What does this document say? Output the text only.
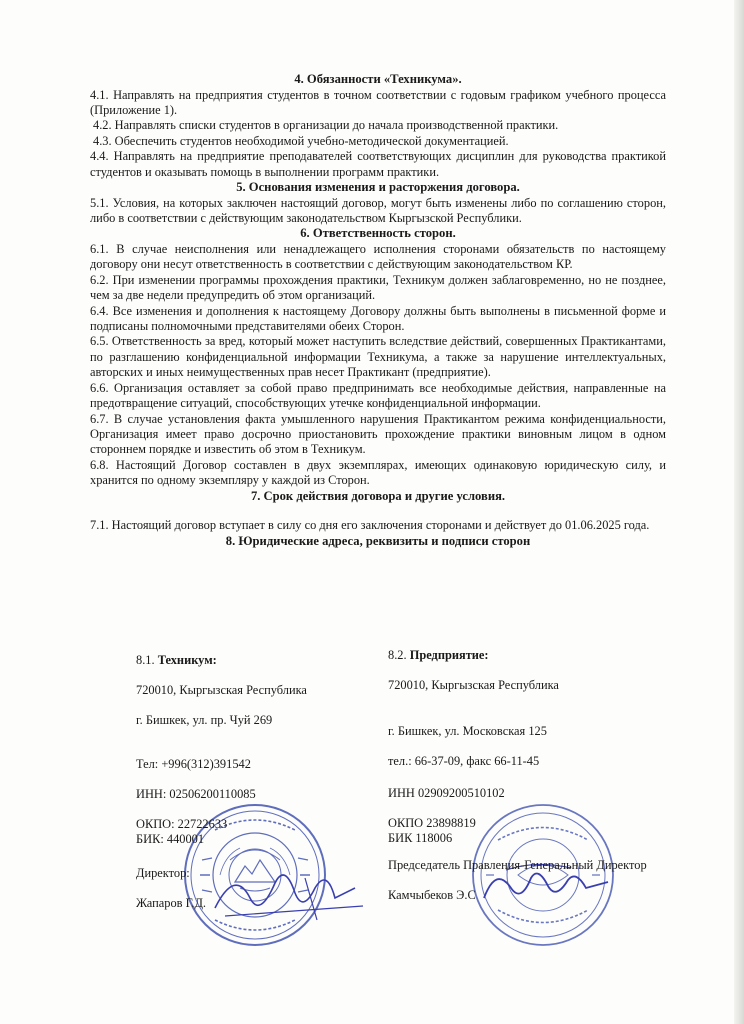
4. Обязанности «Техникума».

4.1. Направлять на предприятия студентов в точном соответствии с годовым графиком учебного процесса (Приложение 1).

4.2. Направлять списки студентов в организации до начала производственной практики.

4.3. Обеспечить студентов необходимой учебно-методической документацией.

4.4. Направлять на предприятие преподавателей соответствующих дисциплин для руководства практикой студентов и оказывать помощь в выполнении программ практики.

5. Основания изменения и расторжения договора.

5.1. Условия, на которых заключен настоящий договор, могут быть изменены либо по соглашению сторон, либо в соответствии с действующим законодательством Кыргызской Республики.

6. Ответственность сторон.

6.1. В случае неисполнения или ненадлежащего исполнения сторонами обязательств по настоящему договору они несут ответственность в соответствии с действующим законодательством КР.

6.2. При изменении программы прохождения практики, Техникум должен заблаговременно, но не позднее, чем за две недели предупредить об этом организаций.

6.4. Все изменения и дополнения к настоящему Договору должны быть выполнены в письменной форме и подписаны полномочными представителями обеих Сторон.

6.5. Ответственность за вред, который может наступить вследствие действий, совершенных Практикантами, по разглашению конфиденциальной информации Техникума, а также за нарушение интеллектуальных, авторских и иных неимущественных прав несет Практикант (предприятие).

6.6. Организация оставляет за собой право предпринимать все необходимые действия, направленные на предотвращение ситуаций, способствующих утечке конфиденциальной информации.

6.7. В случае установления факта умышленного нарушения Практикантом режима конфиденциальности, Организация имеет право досрочно приостановить прохождение практики виновным лицом в одном стороннем порядке и известить об этом в Техникум.

6.8. Настоящий Договор составлен в двух экземплярах, имеющих одинаковую юридическую силу, и хранится по одному экземпляру у каждой из Сторон.

7. Срок действия договора и другие условия.

7.1. Настоящий договор вступает в силу со дня его заключения сторонами и действует до 01.06.2025 года.

8. Юридические адреса, реквизиты и подписи сторон
8.1. Техникум:
720010, Кыргызская Республика
г. Бишкек, ул. пр. Чуй 269
Тел: +996(312)391542
ИНН: 02506200110085
ОКПО: 22722633
БИК: 440001
Директор:
Жапаров Г.Д.
8.2. Предприятие:
720010, Кыргызская Республика
г. Бишкек, ул. Московская 125
тел.: 66-37-09, факс 66-11-45
ИНН 02909200510102
ОКПО 23898819
БИК 118006
Председатель Правления-Генеральный Директор
Камчыбеков Э.С
